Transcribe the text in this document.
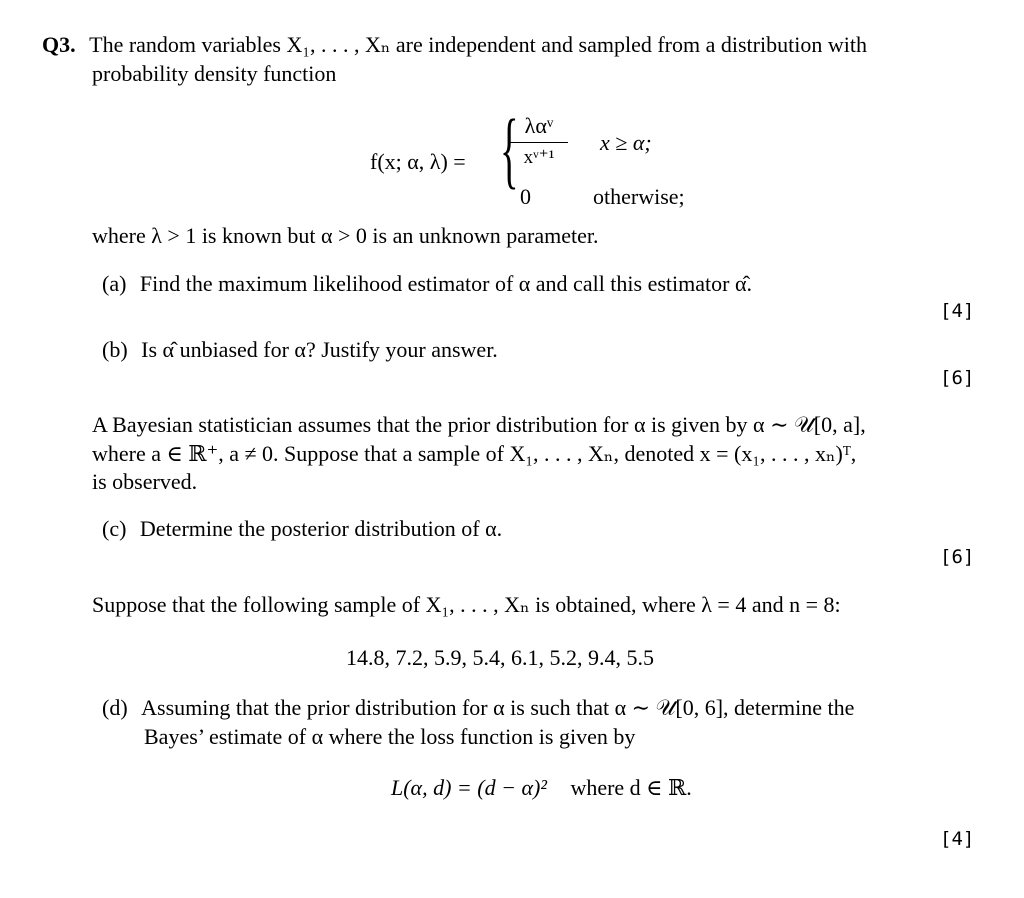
Q3. The random variables X₁, . . . , Xₙ are independent and sampled from a distribution with
probability density function
f(x; α, λ) = { λαᵛ
xᵛ⁺¹
x ≥ α;
0	otherwise;
where λ > 1 is known but α > 0 is an unknown parameter.
(a) Find the maximum likelihood estimator of α and call this estimator α̂.
[4]
(b) Is α̂ unbiased for α? Justify your answer.
[6]
A Bayesian statistician assumes that the prior distribution for α is given by α ∼ 𝒰[0, a],
where a ∈ ℝ⁺, a ≠ 0. Suppose that a sample of X₁, . . . , Xₙ, denoted x = (x₁, . . . , xₙ)ᵀ,
is observed.
(c) Determine the posterior distribution of α.
[6]
Suppose that the following sample of X₁, . . . , Xₙ is obtained, where λ = 4 and n = 8:
14.8, 7.2, 5.9, 5.4, 6.1, 5.2, 9.4, 5.5
(d) Assuming that the prior distribution for α is such that α ∼ 𝒰[0, 6], determine the
Bayes’ estimate of α where the loss function is given by
L(α, d) = (d − α)² where d ∈ ℝ.
[4]
